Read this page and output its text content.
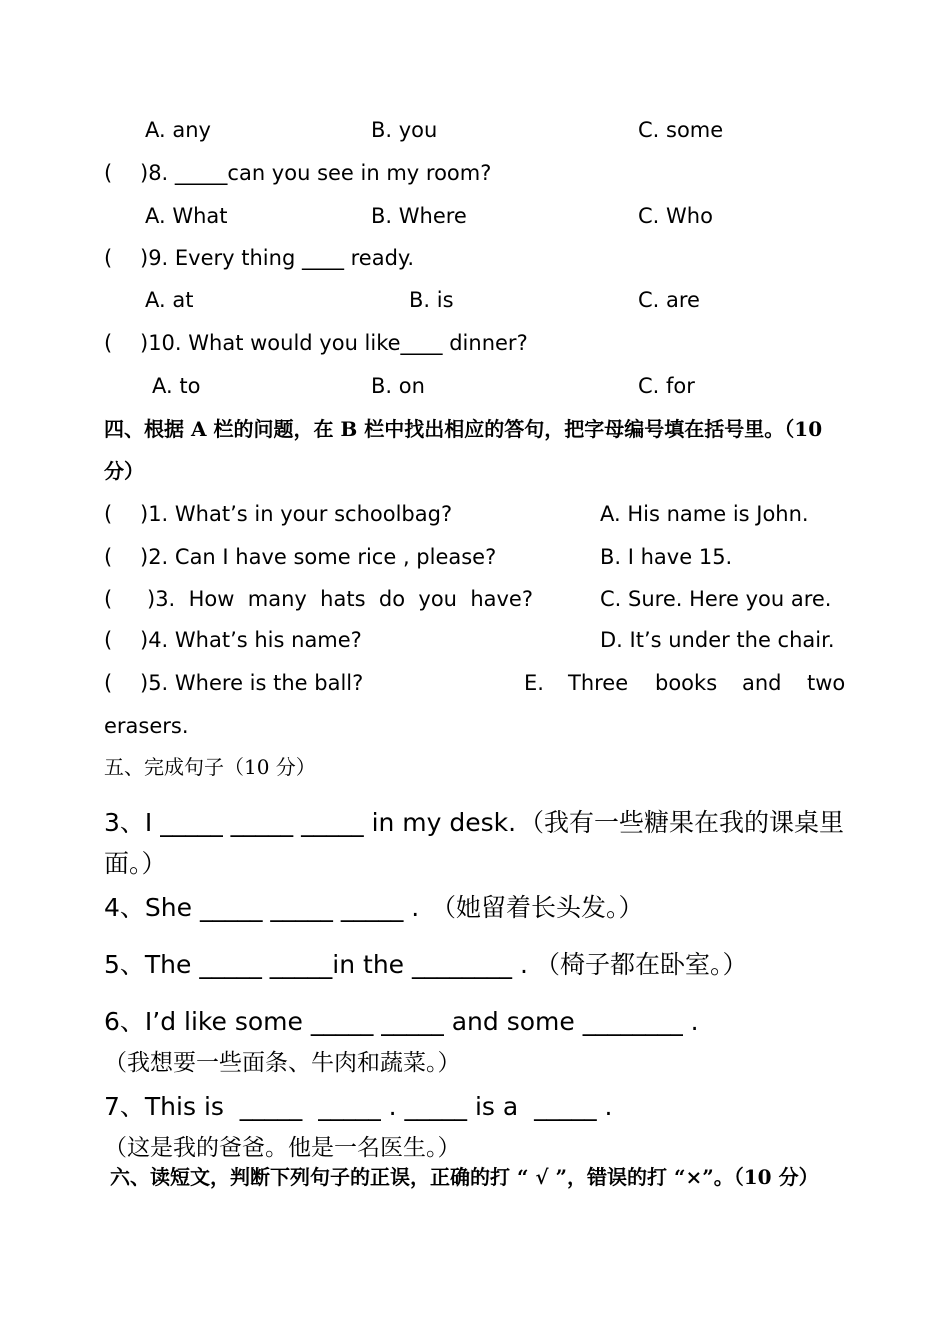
A. any	B. you	C. some
( )8. _____can you see in my room?
A. What	B. Where	C. Who
( )9. Every thing ____ ready.
A. at	B. is	C. are
( )10. What would you like____ dinner?
A. to	B. on	C. for
四、根据 A 栏的问题，在 B 栏中找出相应的答句，把字母编号填在括号里。（10
分）
( )1. What’s in your schoolbag?	A. His name is John.
( )2. Can I have some rice , please?	B. I have 15.
( )3.  How  many  hats  do  you  have?	C. Sure. Here you are.
( )4. What’s his name?	D. It’s under the chair.
( )5. Where is the ball?	E. Three books and two
erasers.
五、完成句子（10 分）
3、I _____ _____ _____ in my desk. （我有一些糖果在我的课桌里
面。）
4、She _____ _____ _____ . （她留着长头发。）
5、The _____ _____in the ________ . （椅子都在卧室。）
6、I’d like some _____ _____ and some ________ .
（我想要一些面条、牛肉和蔬菜。）
7、This is  _____  _____ . _____ is a  _____ .
（这是我的爸爸。他是一名医生。）
六、读短文，判断下列句子的正误，正确的打 “ √ ”，错误的打 “×”。（10 分）
